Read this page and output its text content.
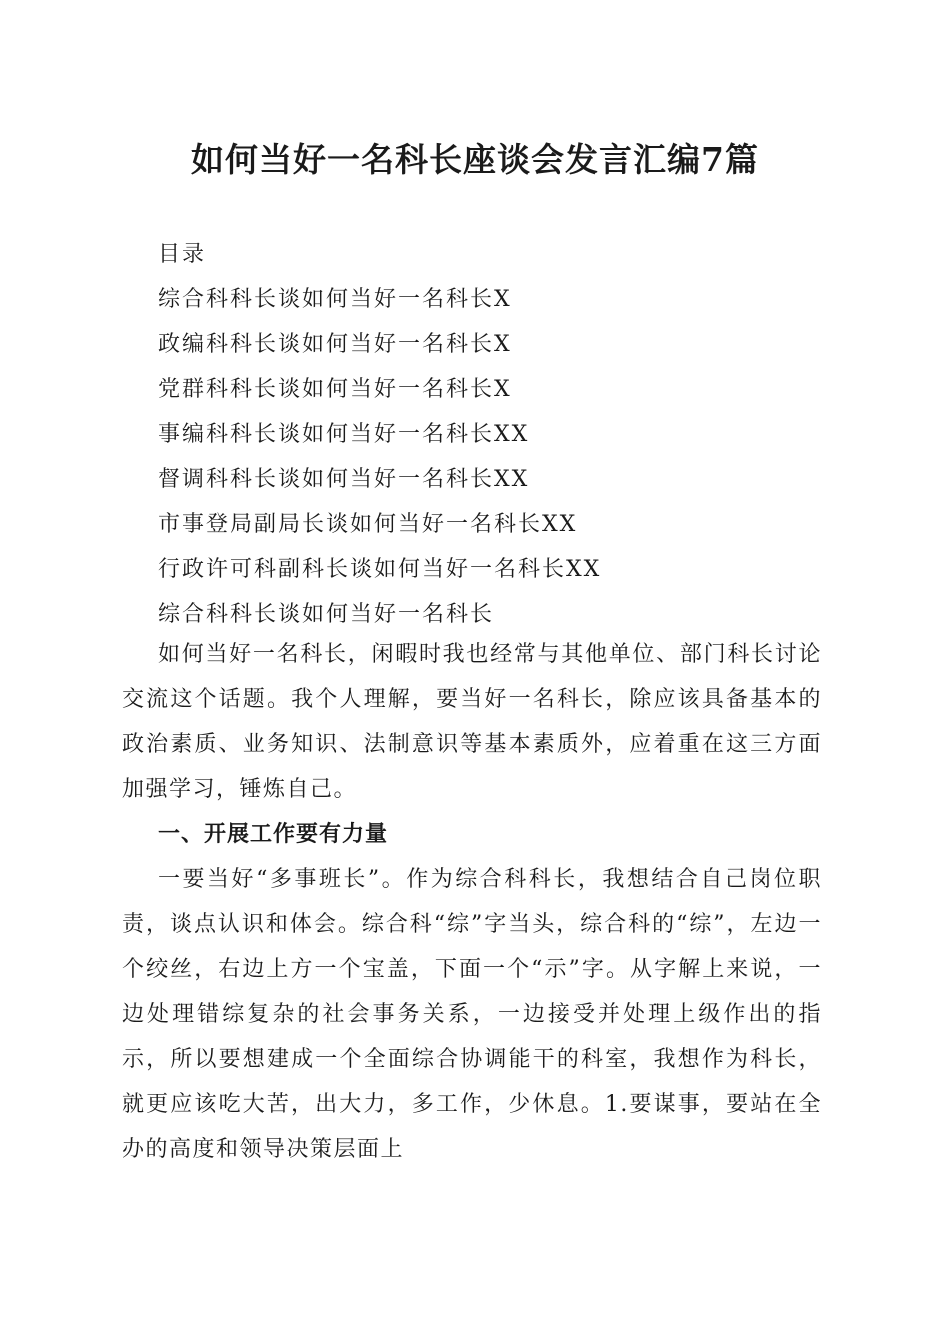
如何当好一名科长座谈会发言汇编7篇
目录
综合科科长谈如何当好一名科长X
政编科科长谈如何当好一名科长X
党群科科长谈如何当好一名科长X
事编科科长谈如何当好一名科长XX
督调科科长谈如何当好一名科长XX
市事登局副局长谈如何当好一名科长XX
行政许可科副科长谈如何当好一名科长XX
综合科科长谈如何当好一名科长

如何当好一名科长，闲暇时我也经常与其他单位、部门科长讨论交流这个话题。我个人理解，要当好一名科长，除应该具备基本的政治素质、业务知识、法制意识等基本素质外，应着重在这三方面加强学习，锤炼自己。

一、开展工作要有力量

一要当好“多事班长”。作为综合科科长，我想结合自己岗位职责，谈点认识和体会。综合科“综”字当头，综合科的“综”，左边一个绞丝，右边上方一个宝盖，下面一个“示”字。从字解上来说，一边处理错综复杂的社会事务关系，一边接受并处理上级作出的指示，所以要想建成一个全面综合协调能干的科室，我想作为科长，就更应该吃大苦，出大力，多工作，少休息。1.要谋事，要站在全办的高度和领导决策层面上
